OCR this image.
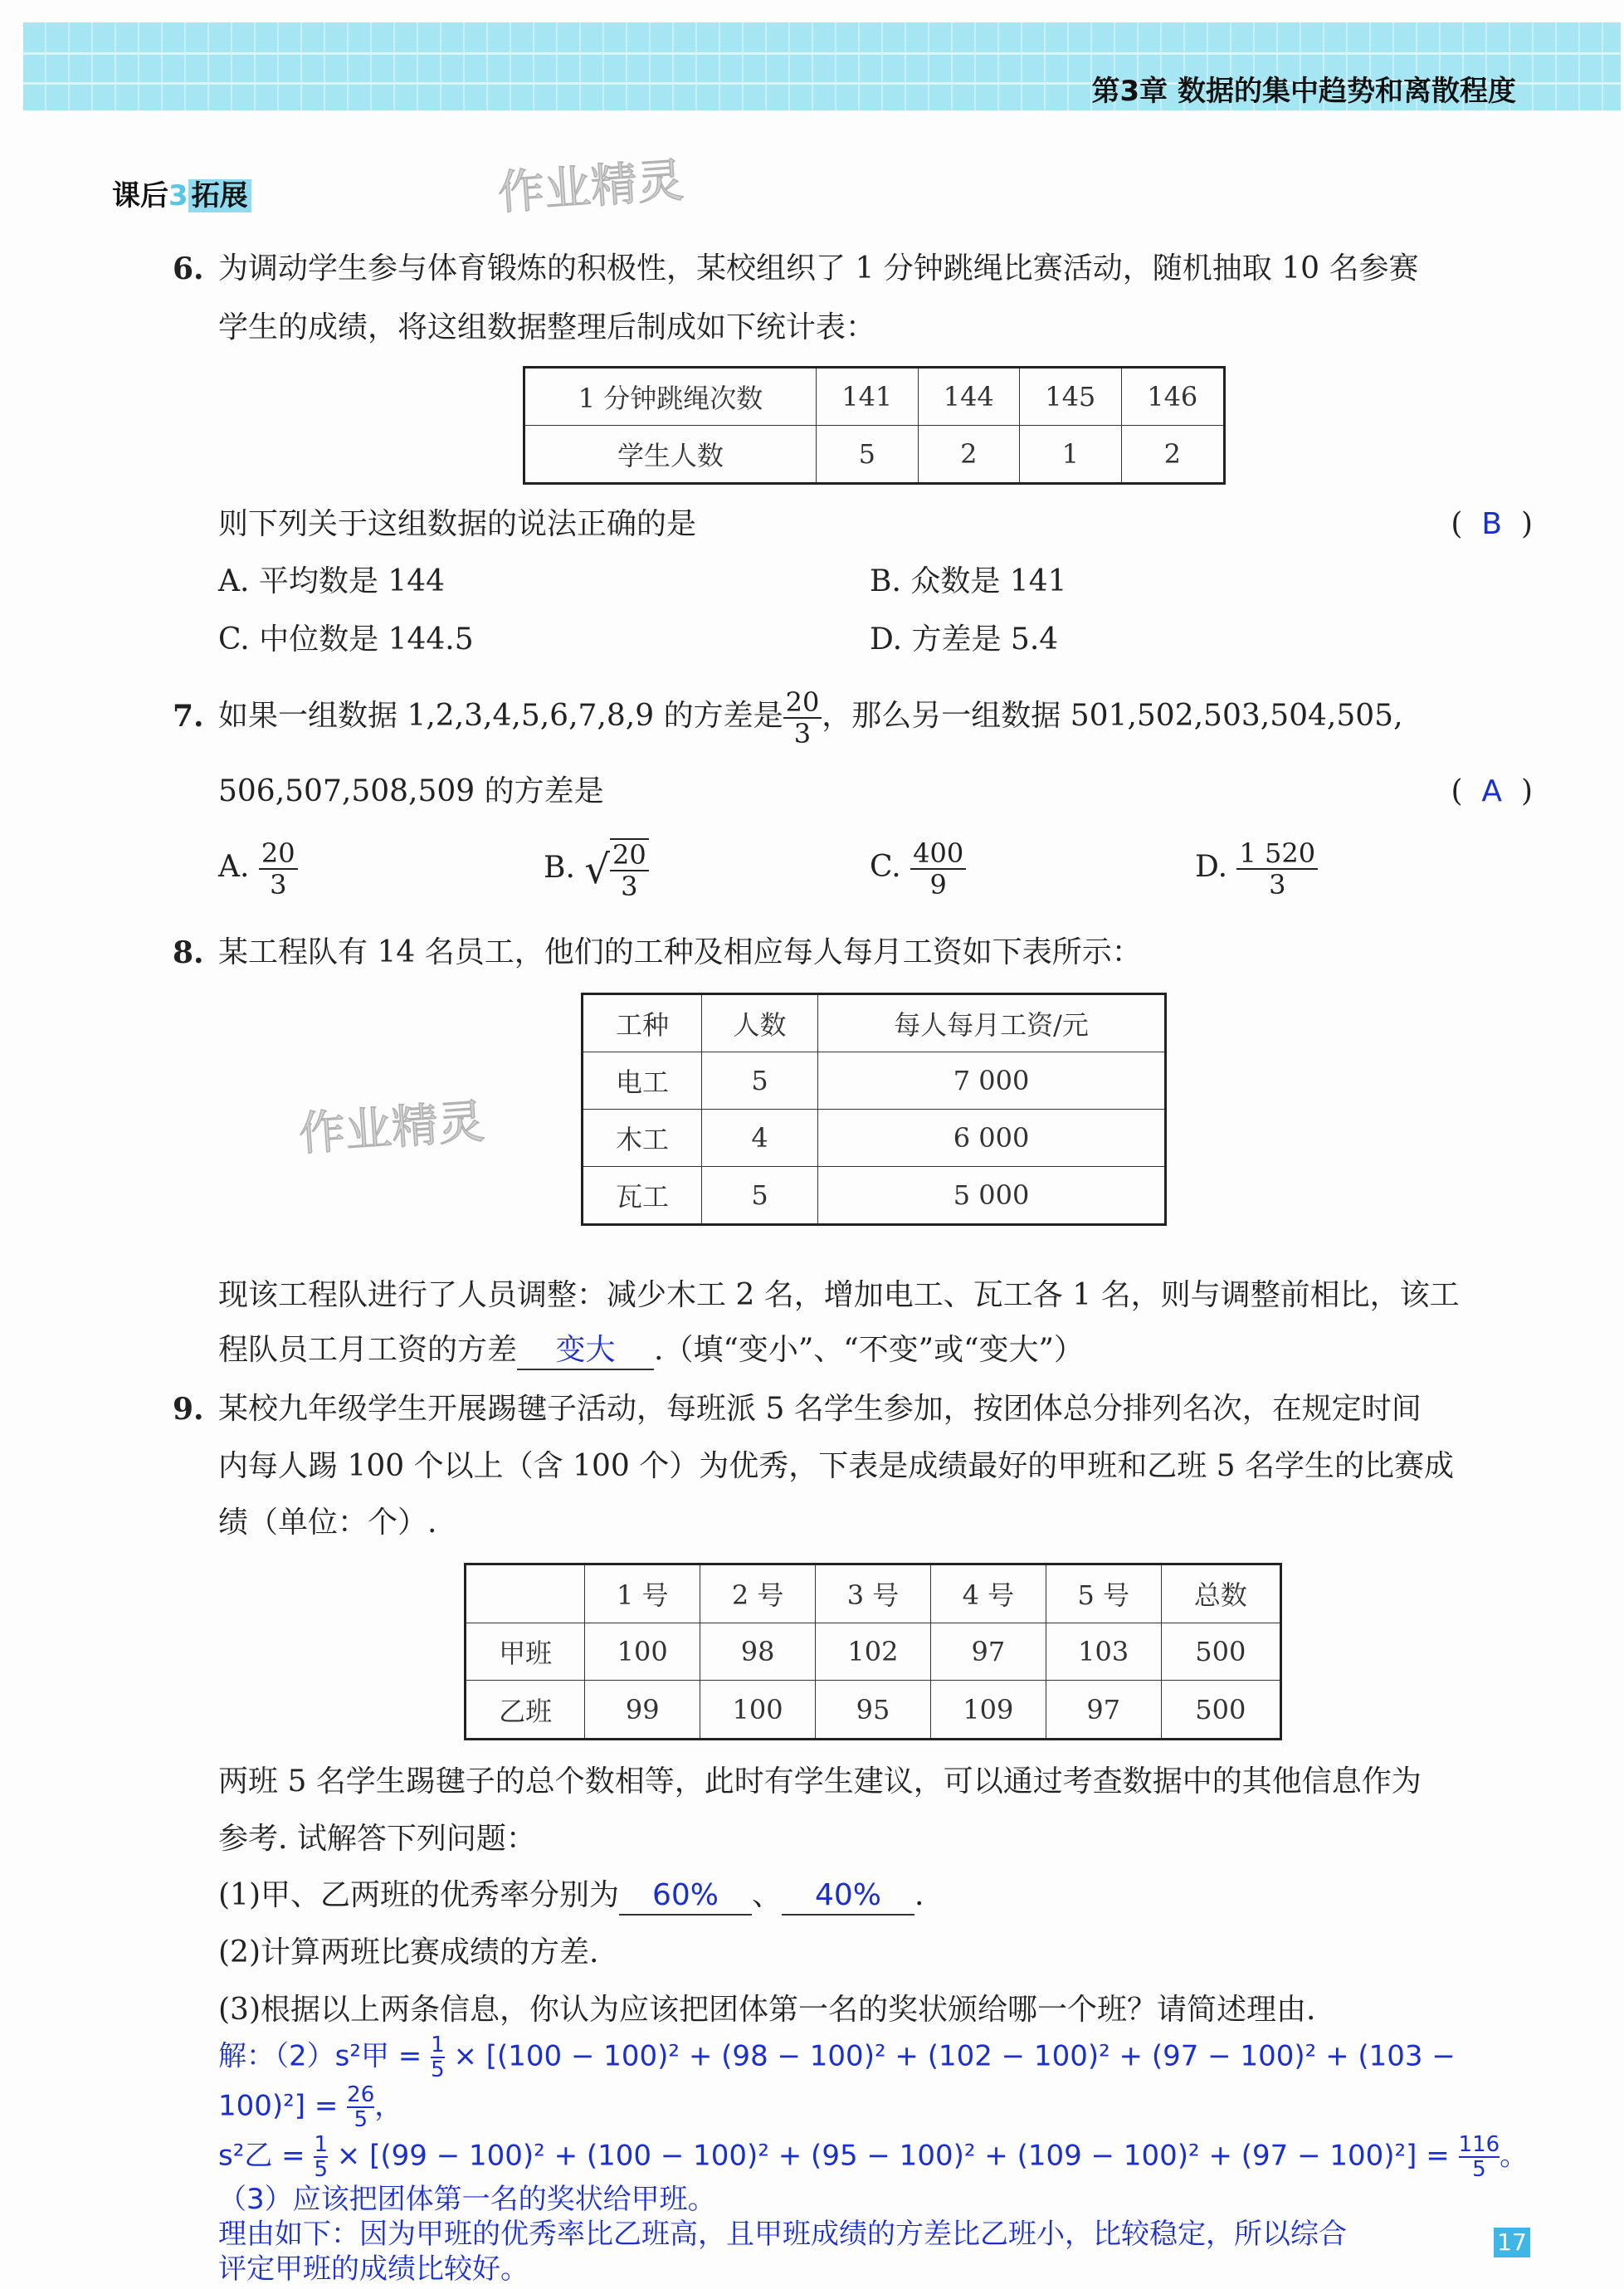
第3章 数据的集中趋势和离散程度
课后3 拓展	作业精灵
作业精灵
6. 为调动学生参与体育锻炼的积极性，某校组织了 1 分钟跳绳比赛活动，随机抽取 10 名参赛
学生的成绩，将这组数据整理后制成如下统计表：
1 分钟跳绳次数	141	144	145	146
学生人数	5	2	1	2
则下列关于这组数据的说法正确的是	( B )
A. 平均数是 144	B. 众数是 141
C. 中位数是 144.5	D. 方差是 5.4
7. 如果一组数据 1,2,3,4,5,6,7,8,9 的方差是 $\frac{20}{3}$ ，那么另一组数据 501,502,503,504,505,
506,507,508,509 的方差是	( A )
A. $\frac{20}{3}$	B. √ $\frac{20}{3}$	C. $\frac{400}{9}$	D. $\frac{1 520}{3}$
8. 某工程队有 14 名员工，他们的工种及相应每人每月工资如下表所示：
工种	人数	每人每月工资/元
电工	5	7 000
木工	4	6 000
瓦工	5	5 000
现该工程队进行了人员调整：减少木工 2 名，增加电工、瓦工各 1 名，则与调整前相比，该工
程队员工月工资的方差 变大 .（填“变小”、“不变”或“变大”）
9. 某校九年级学生开展踢毽子活动，每班派 5 名学生参加，按团体总分排列名次，在规定时间
内每人踢 100 个以上（含 100 个）为优秀，下表是成绩最好的甲班和乙班 5 名学生的比赛成
绩（单位：个）.
	1 号	2 号	3 号	4 号	5 号	总数
甲班	100	98	102	97	103	500
乙班	99	100	95	109	97	500
两班 5 名学生踢毽子的总个数相等，此时有学生建议，可以通过考查数据中的其他信息作为
参考. 试解答下列问题：
(1)甲、乙两班的优秀率分别为 60% 、 40% .
(2)计算两班比赛成绩的方差.
(3)根据以上两条信息，你认为应该把团体第一名的奖状颁给哪一个班？请简述理由.
解：（2）s²甲 = $\frac{1}{5} \times [(100 - 100)^2 + (98 - 100)^2 + (102 - 100)^2 + (97 - 100)^2 + (103$ −
$100)^2] = \frac{26}{5}$ ，
s²乙 = $\frac{1}{5} \times [(99 - 100)^2 + (100 - 100)^2 + (95 - 100)^2 + (109 - 100)^2 + (97 - 100)^2] = \frac{116}{5}$ 。
（3）应该把团体第一名的奖状给甲班。
理由如下：因为甲班的优秀率比乙班高，且甲班成绩的方差比乙班小，比较稳定，所以综合
评定甲班的成绩比较好。
17
